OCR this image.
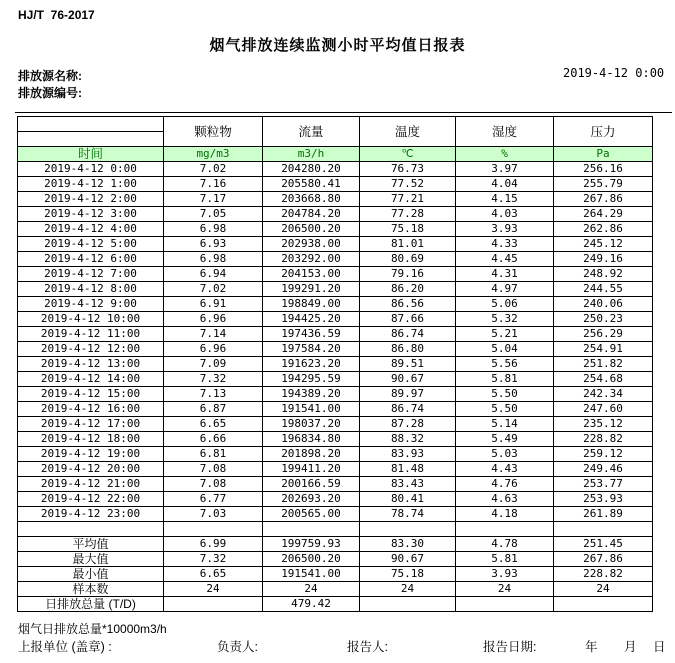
HJ/T  76-2017
烟气排放连续监测小时平均值日报表
排放源名称:
排放源编号:
2019-4-12 0:00
	颗粒物	流量	温度	湿度	压力

时间	mg/m3	m3/h	℃	%	Pa
2019-4-12 0:00	7.02	204280.20	76.73	3.97	256.16
2019-4-12 1:00	7.16	205580.41	77.52	4.04	255.79
2019-4-12 2:00	7.17	203668.80	77.21	4.15	267.86
2019-4-12 3:00	7.05	204784.20	77.28	4.03	264.29
2019-4-12 4:00	6.98	206500.20	75.18	3.93	262.86
2019-4-12 5:00	6.93	202938.00	81.01	4.33	245.12
2019-4-12 6:00	6.98	203292.00	80.69	4.45	249.16
2019-4-12 7:00	6.94	204153.00	79.16	4.31	248.92
2019-4-12 8:00	7.02	199291.20	86.20	4.97	244.55
2019-4-12 9:00	6.91	198849.00	86.56	5.06	240.06
2019-4-12 10:00	6.96	194425.20	87.66	5.32	250.23
2019-4-12 11:00	7.14	197436.59	86.74	5.21	256.29
2019-4-12 12:00	6.96	197584.20	86.80	5.04	254.91
2019-4-12 13:00	7.09	191623.20	89.51	5.56	251.82
2019-4-12 14:00	7.32	194295.59	90.67	5.81	254.68
2019-4-12 15:00	7.13	194389.20	89.97	5.50	242.34
2019-4-12 16:00	6.87	191541.00	86.74	5.50	247.60
2019-4-12 17:00	6.65	198037.20	87.28	5.14	235.12
2019-4-12 18:00	6.66	196834.80	88.32	5.49	228.82
2019-4-12 19:00	6.81	201898.20	83.93	5.03	259.12
2019-4-12 20:00	7.08	199411.20	81.48	4.43	249.46
2019-4-12 21:00	7.08	200166.59	83.43	4.76	253.77
2019-4-12 22:00	6.77	202693.20	80.41	4.63	253.93
2019-4-12 23:00	7.03	200565.00	78.74	4.18	261.89

平均值	6.99	199759.93	83.30	4.78	251.45
最大值	7.32	206500.20	90.67	5.81	267.86
最小值	6.65	191541.00	75.18	3.93	228.82
样本数	24	24	24	24	24
日排放总量 (T/D)		479.42			
烟气日排放总量*10000m3/h
上报单位 (盖章) :	负责人:	报告人:	报告日期:	年 月 日
